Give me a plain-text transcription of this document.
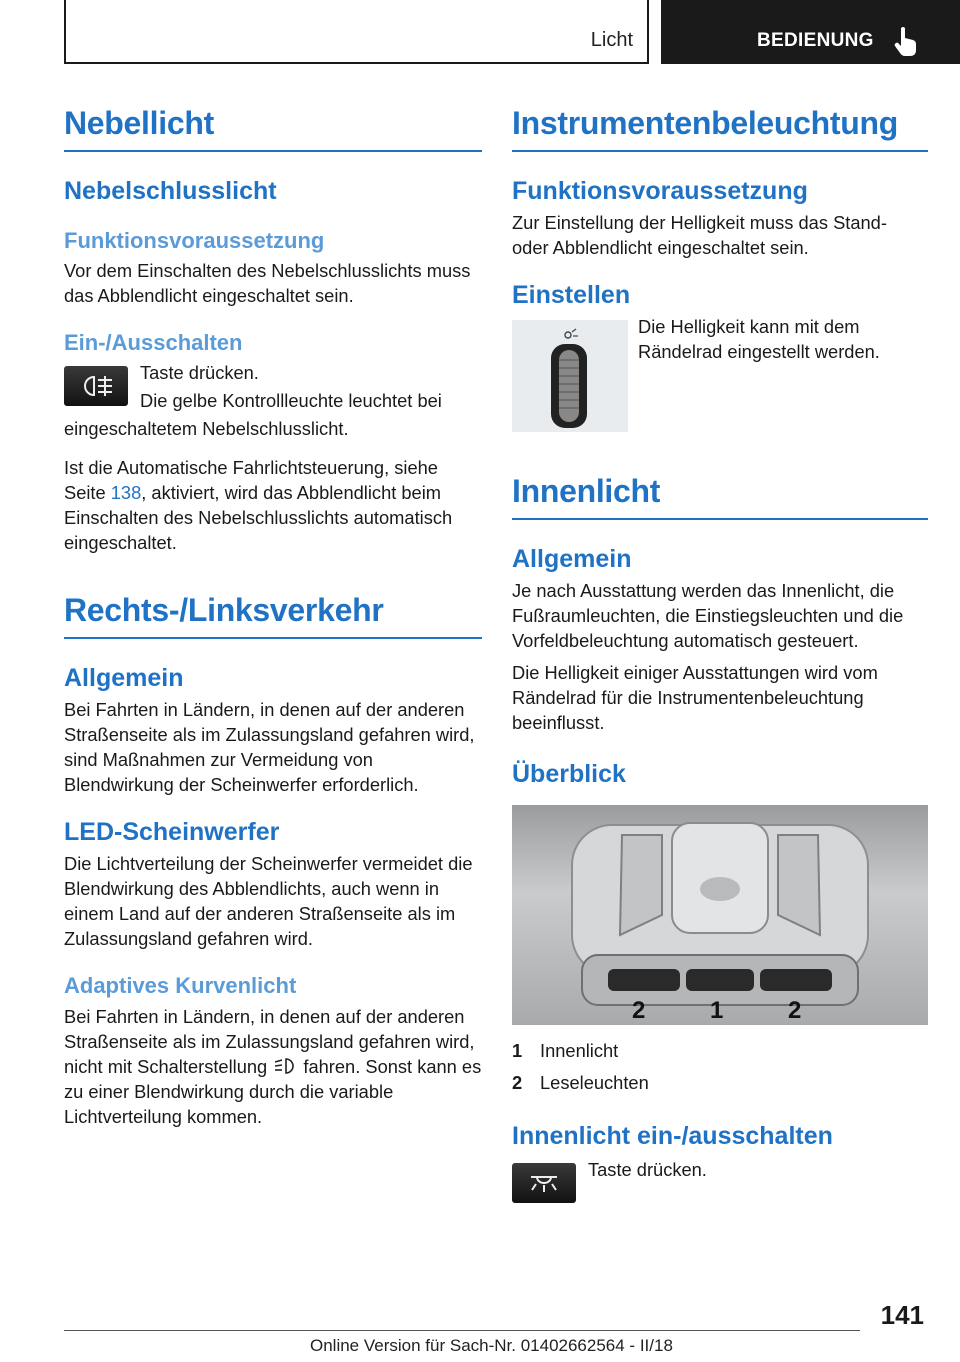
Licht	BEDIENUNG
Nebellicht
Nebelschlusslicht
Funktionsvoraussetzung

Vor dem Einschalten des Nebelschlusslichts muss das Abblendlicht eingeschaltet sein.

Ein-/Ausschalten

Taste drücken.

Die gelbe Kontrollleuchte leuchtet bei

eingeschaltetem Nebelschlusslicht.

Ist die Automatische Fahrlichtsteuerung, siehe Seite 138, aktiviert, wird das Abblendlicht beim Einschalten des Nebelschlusslichts automatisch eingeschaltet.

Rechts-/Linksverkehr
Allgemein

Bei Fahrten in Ländern, in denen auf der anderen Straßenseite als im Zulassungsland gefahren wird, sind Maßnahmen zur Vermeidung von Blendwirkung der Scheinwerfer erforderlich.

LED-Scheinwerfer

Die Lichtverteilung der Scheinwerfer vermeidet die Blendwirkung des Abblendlichts, auch wenn in einem Land auf der anderen Straßenseite als im Zulassungsland gefahren wird.

Adaptives Kurvenlicht

Bei Fahrten in Ländern, in denen auf der anderen Straßenseite als im Zulassungsland gefahren wird, nicht mit Schalterstellung  fahren. Sonst kann es zu einer Blendwirkung durch die variable Lichtverteilung kommen.

Instrumentenbeleuchtung
Funktionsvoraussetzung

Zur Einstellung der Helligkeit muss das Stand- oder Abblendlicht eingeschaltet sein.

Einstellen

Die Helligkeit kann mit dem Rändelrad eingestellt werden.

Innenlicht
Allgemein

Je nach Ausstattung werden das Innenlicht, die Fußraumleuchten, die Einstiegsleuchten und die Vorfeldbeleuchtung automatisch gesteuert.

Die Helligkeit einiger Ausstattungen wird vom Rändelrad für die Instrumentenbeleuchtung beeinflusst.

Überblick
2	1	2
1 Innenlicht
2 Leseleuchten
Innenlicht ein-/ausschalten

Taste drücken.

141
Online Version für Sach-Nr. 01402662564 - II/18
